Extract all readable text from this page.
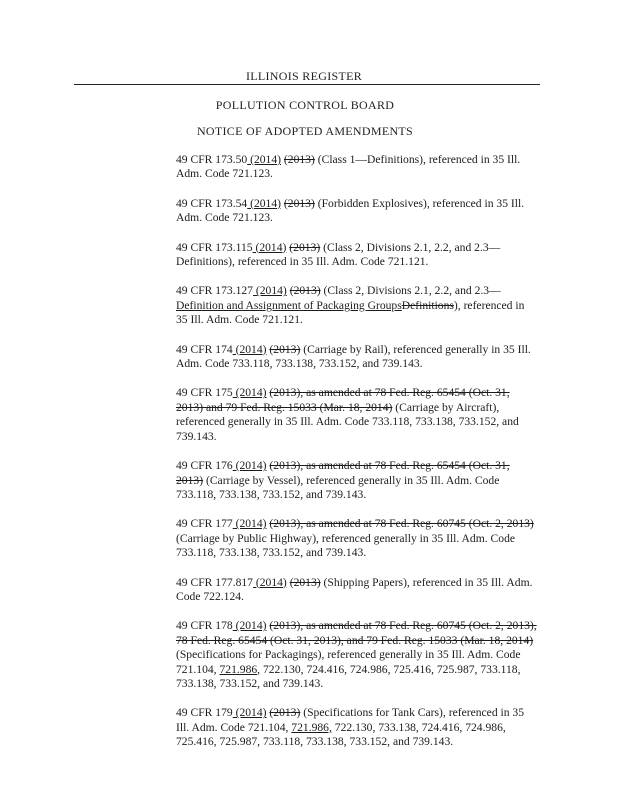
ILLINOIS REGISTER
POLLUTION CONTROL BOARD
NOTICE OF ADOPTED AMENDMENTS

49 CFR 173.50 (2014) (2013) (Class 1—Definitions), referenced in 35 Ill. Adm. Code 721.123.

49 CFR 173.54 (2014) (2013) (Forbidden Explosives), referenced in 35 Ill. Adm. Code 721.123.

49 CFR 173.115 (2014) (2013) (Class 2, Divisions 2.1, 2.2, and 2.3—Definitions), referenced in 35 Ill. Adm. Code 721.121.

49 CFR 173.127 (2014) (2013) (Class 2, Divisions 2.1, 2.2, and 2.3—Definition and Assignment of Packaging GroupsDefinitions), referenced in 35 Ill. Adm. Code 721.121.

49 CFR 174 (2014) (2013) (Carriage by Rail), referenced generally in 35 Ill. Adm. Code 733.118, 733.138, 733.152, and 739.143.

49 CFR 175 (2014) (2013), as amended at 78 Fed. Reg. 65454 (Oct. 31, 2013) and 79 Fed. Reg. 15033 (Mar. 18, 2014) (Carriage by Aircraft), referenced generally in 35 Ill. Adm. Code 733.118, 733.138, 733.152, and 739.143.

49 CFR 176 (2014) (2013), as amended at 78 Fed. Reg. 65454 (Oct. 31, 2013) (Carriage by Vessel), referenced generally in 35 Ill. Adm. Code 733.118, 733.138, 733.152, and 739.143.

49 CFR 177 (2014) (2013), as amended at 78 Fed. Reg. 60745 (Oct. 2, 2013) (Carriage by Public Highway), referenced generally in 35 Ill. Adm. Code 733.118, 733.138, 733.152, and 739.143.

49 CFR 177.817 (2014) (2013) (Shipping Papers), referenced in 35 Ill. Adm. Code 722.124.

49 CFR 178 (2014) (2013), as amended at 78 Fed. Reg. 60745 (Oct. 2, 2013), 78 Fed. Reg. 65454 (Oct. 31, 2013), and 79 Fed. Reg. 15033 (Mar. 18, 2014) (Specifications for Packagings), referenced generally in 35 Ill. Adm. Code 721.104, 721.986, 722.130, 724.416, 724.986, 725.416, 725.987, 733.118, 733.138, 733.152, and 739.143.

49 CFR 179 (2014) (2013) (Specifications for Tank Cars), referenced in 35 Ill. Adm. Code 721.104, 721.986, 722.130, 733.138, 724.416, 724.986, 725.416, 725.987, 733.118, 733.138, 733.152, and 739.143.
